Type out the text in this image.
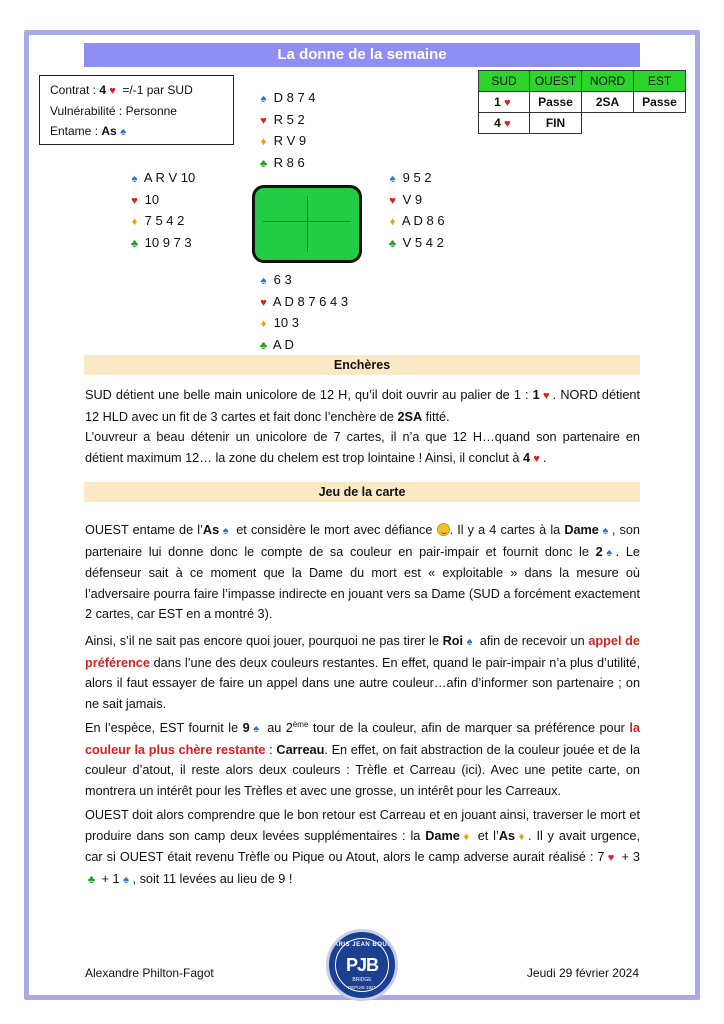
La donne de la semaine
Contrat : 4 ♥ =/-1 par SUD
Vulnérabilité : Personne
Entame : As ♠
SUD	OUEST	NORD	EST
1 ♥	Passe	2SA	Passe
4 ♥	FIN		
♠ D 8 7 4
♥ R 5 2
♦ R V 9
♣ R 8 6
♠ A R V 10
♥ 10
♦ 7 5 4 2
♣ 10 9 7 3
♠ 9 5 2
♥ V 9
♦ A D 8 6
♣ V 5 4 2
♠ 6 3
♥ A D 8 7 6 4 3
♦ 10 3
♣ A D
Enchères
SUD détient une belle main unicolore de 12 H, qu’il doit ouvrir au palier de 1 : 1 ♥ . NORD détient 12 HLD avec un fit de 3 cartes et fait donc l’enchère de 2SA fitté.
L’ouvreur a beau détenir un unicolore de 7 cartes, il n’a que 12 H…quand son partenaire en détient maximum 12… la zone du chelem est trop lointaine ! Ainsi, il conclut à 4 ♥ .
Jeu de la carte
OUEST entame de l’As ♠ et considère le mort avec défiance . Il y a 4 cartes à la Dame ♠ , son partenaire lui donne donc le compte de sa couleur en pair-impair et fournit donc le 2 ♠ . Le défenseur sait à ce moment que la Dame du mort est « exploitable » dans la mesure où l’adversaire pourra faire l’impasse indirecte en jouant vers sa Dame (SUD a forcément exactement 2 cartes, car EST en a montré 3).
Ainsi, s’il ne sait pas encore quoi jouer, pourquoi ne pas tirer le Roi ♠ afin de recevoir un appel de préférence dans l’une des deux couleurs restantes. En effet, quand le pair-impair n’a plus d’utilité, alors il faut essayer de faire un appel dans une autre couleur…afin d’informer son partenaire ; on ne sait jamais.
En l’espèce, EST fournit le 9 ♠ au 2ème tour de la couleur, afin de marquer sa préférence pour la couleur la plus chère restante : Carreau. En effet, on fait abstraction de la couleur jouée et de la couleur d’atout, il reste alors deux couleurs : Trèfle et Carreau (ici). Avec une petite carte, on montrera un intérêt pour les Trèfles et avec une grosse, un intérêt pour les Carreaux.
OUEST doit alors comprendre que le bon retour est Carreau et en jouant ainsi, traverser le mort et produire dans son camp deux levées supplémentaires : la Dame ♦ et l’As ♦ . Il y avait urgence, car si OUEST était revenu Trèfle ou Pique ou Atout, alors le camp adverse aurait réalisé : 7 ♥ + 3♣ + 1 ♠ , soit 11 levées au lieu de 9 !
Alexandre Philton-Fagot	Jeudi 29 février 2024
PARIS JEAN BOUIN
PJB
BRIDGE
DEPUIS 1921
